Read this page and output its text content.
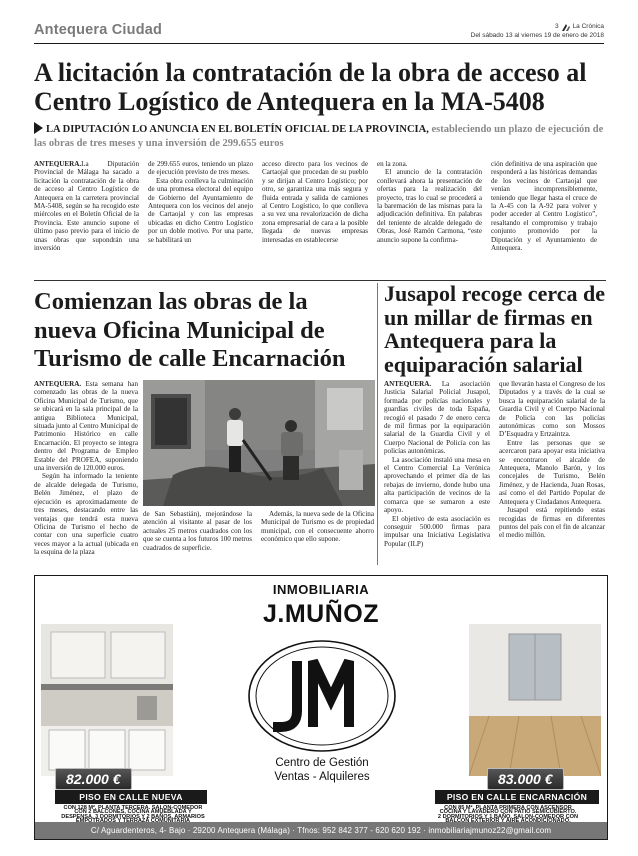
Antequera Ciudad	3 La Crónica
Del sábado 13 al viernes 19 de enero de 2018
A licitación la contratación de la obra de acceso al Centro Logístico de Antequera en la MA-5408
LA DIPUTACIÓN LO ANUNCIA EN EL BOLETÍN OFICIAL DE LA PROVINCIA, estableciendo un plazo de ejecución de las obras de tres meses y una inversión de 299.655 euros

ANTEQUERA.La Diputación Provincial de Málaga ha sacado a licitación la contratación de la obra de acceso al Centro Logístico de Antequera en la carretera provincial MA-5408, según se ha recogido este miércoles en el Boletín Oficial de la Provincia. Este anuncio supone el último paso previo para el inicio de unas obras que supondrán una inversión

de 299.655 euros, teniendo un plazo de ejecución previsto de tres meses.

Esta obra conlleva la culminación de una promesa electoral del equipo de Gobierno del Ayuntamiento de Antequera con los vecinos del anejo de Cartaojal y con las empresas ubicadas en dicho Centro Logístico por un doble motivo. Por una parte, se habilitará un

acceso directo para los vecinos de Cartaojal que procedan de su pueblo y se dirijan al Centro Logístico; por otro, se garantiza una más segura y fluida entrada y salida de camiones al Centro Logístico, lo que conlleva a su vez una revalorización de dicha zona empresarial de cara a la posible llegada de nuevas empresas interesadas en establecerse

en la zona.

El anuncio de la contratación conllevará ahora la presentación de ofertas para la realización del proyecto, tras lo cual se procederá a la baremación de las mismas para la adjudicación definitiva. En palabras del teniente de alcalde delegado de Obras, José Ramón Carmona, “este anuncio supone la confirma-

ción definitiva de una aspiración que responderá a las históricas demandas de los vecinos de Cartaojal que venían incomprensiblemente, teniendo que llegar hasta el cruce de la A-45 con la A-92 para volver y poder acceder al Centro Logístico”, resaltando el compromiso y trabajo conjunto promovido por la Diputación y el Ayuntamiento de Antequera.

Comienzan las obras de la nueva Oficina Municipal de Turismo de calle Encarnación

ANTEQUERA. Esta semana han comenzado las obras de la nueva Oficina Municipal de Turismo, que se ubicará en la sala principal de la antigua Biblioteca Municipal, situada junto al Centro Municipal de Patrimonio Histórico en calle Encarnación. El proyecto se integra dentro del Programa de Empleo Estable del PROFEA, suponiendo una inversión de 120.000 euros.

Según ha informado la teniente de alcalde delegada de Turismo, Belén Jiménez, el plazo de ejecución es aproximadamente de tres meses, destacando entre las ventajas que tendrá esta nueva Oficina de Turismo el hecho de contar con una superficie cuatro veces mayor a la actual (ubicada en la esquina de la plaza

de San Sebastián), mejorándose la atención al visitante al pasar de los actuales 25 metros cuadrados con los que se cuenta a los futuros 100 metros cuadrados de superficie.

Además, la nueva sede de la Oficina Municipal de Turismo es de propiedad municipal, con el consecuente ahorro económico que ello supone.

Jusapol recoge cerca de un millar de firmas en Antequera para la equiparación salarial

ANTEQUERA. La asociación Justicia Salarial Policial Jusapol, formada por policías nacionales y guardias civiles de toda España, recogió el pasado 7 de enero cerca de mil firmas por la equiparación salarial de la Guardia Civil y el Cuerpo Nacional de Policía con las policías autonómicas.

La asociación instaló una mesa en el Centro Comercial La Verónica aprovechando el primer día de las rebajas de invierno, donde hubo una alta participación de vecinos de la comarca que se sumaron a este apoyo.

El objetivo de esta asociación es conseguir 500.000 firmas para impulsar una Iniciativa Legislativa Popular (ILP)

que llevarán hasta el Congreso de los Diputados y a través de la cual se busca la equiparación salarial de la Guardia Civil y el Cuerpo Nacional de Policía con las policías autonómicas como son Mossos D’Esquadra y Ertzaintza.

Entre las personas que se acercaron para apoyar esta iniciativa se encontraron el alcalde de Antequera, Manolo Barón, y los concejales de Turismo, Belén Jiménez, y de Hacienda, Juan Rosas, así como el del Partido Popular de Antequera y Ciudadanos Antequera.

Jusapol está repitiendo estas recogidas de firmas en diferentes puntos del país con el fin de alcanzar el medio millón.

82.000 €	83.000 €
INMOBILIARIA
J.MUÑOZ
Centro de Gestión
Ventas - Alquileres
PISO EN CALLE NUEVA	PISO EN CALLE ENCARNACIÓN
C/ Aguardenteros, 4- Bajo · 29200 Antequera (Málaga) · Tfnos: 952 842 377 - 620 620 192 · inmobiliariajmunoz22@gmail.com
CON 128 M². PLANTA TERCERA. SALON-COMEDOR
CON 2 BALCONES, COCINA AMUEBLADA Y
DESPENSA, 3 DORMITORIOS Y 2 BAÑOS. ARMARIOS
EMPOTRADOS Y TERRAZA COMUNITARIA
CON 85 M². PLANTA PRIMERA CON ASCENSOR
COCINA Y LAVADERO CON PATIO SEMICUBIERTO.
2 DORMITORIOS Y 1 BAÑO. SALON-COMEDOR CON
BALCON EXTERIOR Y AIRE ACONDICIONADO.
